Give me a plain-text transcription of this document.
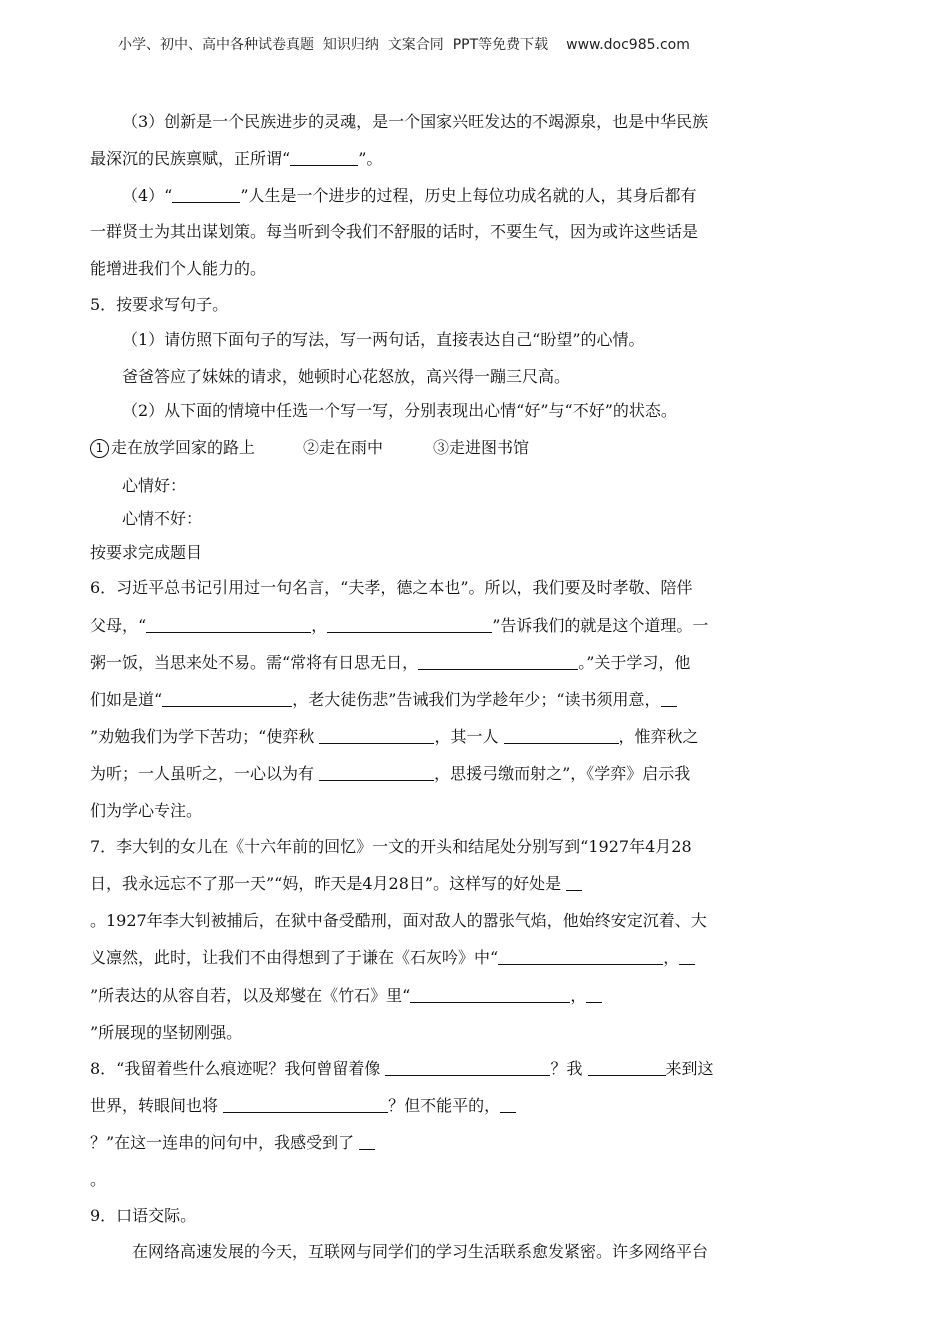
小学、初中、高中各种试卷真题  知识归纳  文案合同  PPT等免费下载 www.doc985.com
（3）创新是一个民族进步的灵魂，是一个国家兴旺发达的不竭源泉，也是中华民族
最深沉的民族禀赋，正所谓“	”。
（4）“	”人生是一个进步的过程，历史上每位功成名就的人，其身后都有
一群贤士为其出谋划策。每当听到令我们不舒服的话时，不要生气，因为或许这些话是
能增进我们个人能力的。
5．按要求写句子。
（1）请仿照下面句子的写法，写一两句话，直接表达自己“盼望”的心情。
爸爸答应了妹妹的请求，她顿时心花怒放，高兴得一蹦三尺高。
（2）从下面的情境中任选一个写一写，分别表现出心情“好”与“不好”的状态。
1 走在放学回家的路上	②走在雨中	③走进图书馆
心情好：
心情不好：
按要求完成题目
6．习近平总书记引用过一句名言，“夫孝，德之本也”。所以，我们要及时孝敬、陪伴
父母，“	，	”告诉我们的就是这个道理。一
粥一饭，当思来处不易。需“常将有日思无日，	。”关于学习，他
们如是道“	，老大徒伤悲”告诫我们为学趁年少；“读书须用意，
”劝勉我们为学下苦功；“使弈秋	，其一人	，惟弈秋之
为听；一人虽听之，一心以为有	，思援弓缴而射之”，《学弈》启示我
们为学心专注。
7．李大钊的女儿在《十六年前的回忆》一文的开头和结尾处分别写到“1927年4月28
日，我永远忘不了那一天”“妈，昨天是4月28日”。这样写的好处是
。1927年李大钊被捕后，在狱中备受酷刑，面对敌人的嚣张气焰，他始终安定沉着、大
义凛然，此时，让我们不由得想到了于谦在《石灰吟》中“	，
”所表达的从容自若，以及郑燮在《竹石》里“	，
”所展现的坚韧刚强。
8．“我留着些什么痕迹呢？我何曾留着像	？我	来到这
世界，转眼间也将	？但不能平的，
？”在这一连串的问句中，我感受到了
。
9．口语交际。
在网络高速发展的今天，互联网与同学们的学习生活联系愈发紧密。许多网络平台
